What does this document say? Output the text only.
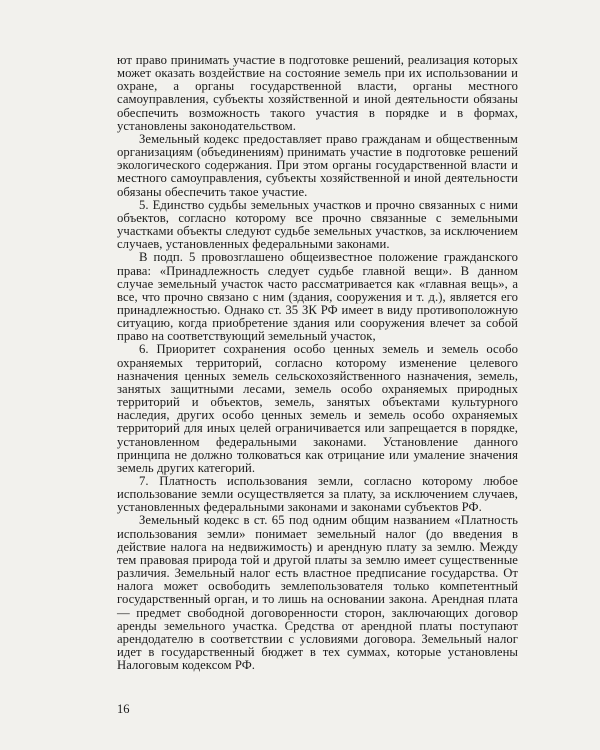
ют право принимать участие в подготовке решений, реализация которых может оказать воздействие на состояние земель при их использовании и охране, а органы государственной власти, органы местного самоуправления, субъекты хозяйственной и иной деятельности обязаны обеспечить возможность такого участия в порядке и в формах, установлены законодательством.

Земельный кодекс предоставляет право гражданам и общественным организациям (объединениям) принимать участие в подготовке решений экологического содержания. При этом органы государственной власти и местного самоуправления, субъекты хозяйственной и иной деятельности обязаны обеспечить такое участие.

5. Единство судьбы земельных участков и прочно связанных с ними объектов, согласно которому все прочно связанные с земельными участками объекты следуют судьбе земельных участков, за исключением случаев, установленных федеральными законами.

В подп. 5 провозглашено общеизвестное положение гражданского права: «Принадлежность следует судьбе главной вещи». В данном случае земельный участок часто рассматривается как «главная вещь», а все, что прочно связано с ним (здания, сооружения и т. д.), является его принадлежностью. Однако ст. 35 ЗК РФ имеет в виду противоположную ситуацию, когда приобретение здания или сооружения влечет за собой право на соответствующий земельный участок,

6. Приоритет сохранения особо ценных земель и земель особо охраняемых территорий, согласно которому изменение целевого назначения ценных земель сельскохозяйственного назначения, земель, занятых защитными лесами, земель особо охраняемых природных территорий и объектов, земель, занятых объектами культурного наследия, других особо ценных земель и земель особо охраняемых территорий для иных целей ограничивается или запрещается в порядке, установленном федеральными законами. Установление данного принципа не должно толковаться как отрицание или умаление значения земель других категорий.

7. Платность использования земли, согласно которому любое использование земли осуществляется за плату, за исключением случаев, установленных федеральными законами и законами субъектов РФ.

Земельный кодекс в ст. 65 под одним общим названием «Платность использования земли» понимает земельный налог (до введения в действие налога на недвижимость) и арендную плату за землю. Между тем правовая природа той и другой платы за землю имеет существенные различия. Земельный налог есть властное предписание государства. От налога может освободить землепользователя только компетентный государственный орган, и то лишь на основании закона. Арендная плата — предмет свободной договоренности сторон, заключающих договор аренды земельного участка. Средства от арендной платы поступают арендодателю в соответствии с условиями договора. Земельный налог идет в государственный бюджет в тех суммах, которые установлены Налоговым кодексом РФ.

16
